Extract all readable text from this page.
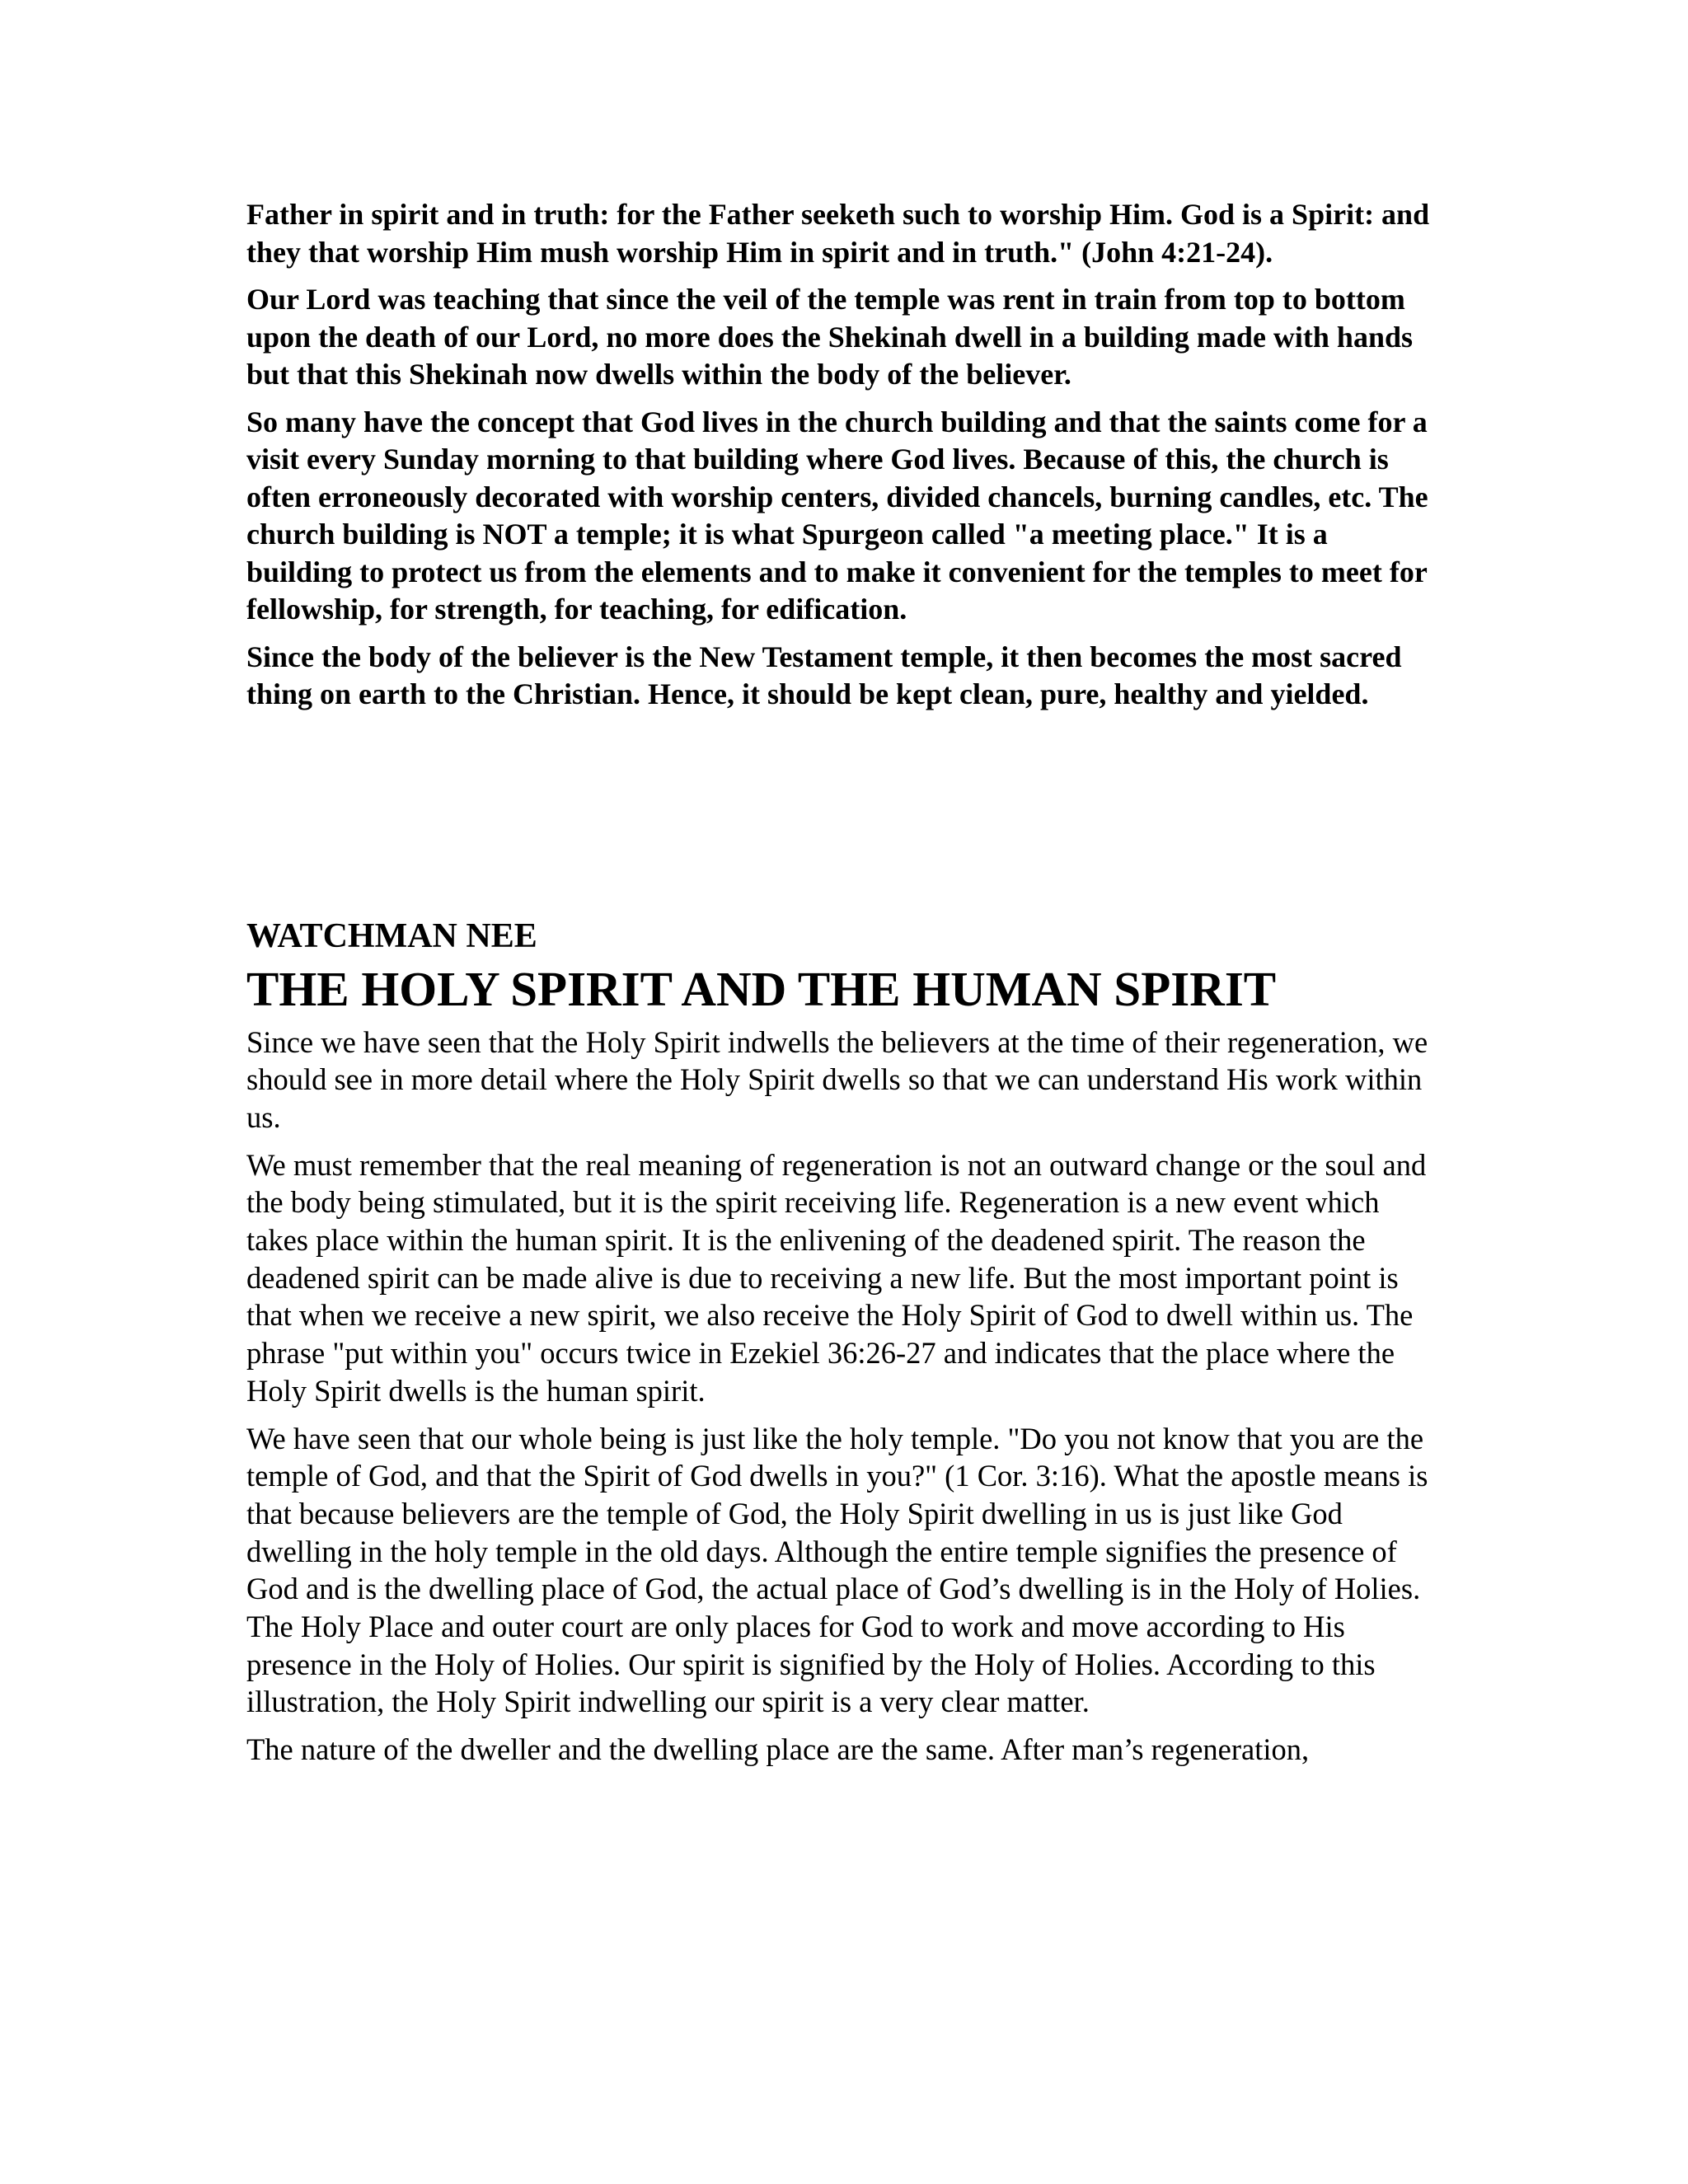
Father in spirit and in truth: for the Father seeketh such to worship Him. God is a Spirit: and they that worship Him mush worship Him in spirit and in truth." (John 4:21-24).

Our Lord was teaching that since the veil of the temple was rent in train from top to bottom upon the death of our Lord, no more does the Shekinah dwell in a building made with hands but that this Shekinah now dwells within the body of the believer.

So many have the concept that God lives in the church building and that the saints come for a visit every Sunday morning to that building where God lives. Because of this, the church is often erroneously decorated with worship centers, divided chancels, burning candles, etc. The church building is NOT a temple; it is what Spurgeon called "a meeting place." It is a building to protect us from the elements and to make it convenient for the temples to meet for fellowship, for strength, for teaching, for edification.

Since the body of the believer is the New Testament temple, it then becomes the most sacred thing on earth to the Christian. Hence, it should be kept clean, pure, healthy and yielded.

WATCHMAN NEE
THE HOLY SPIRIT AND THE HUMAN SPIRIT

Since we have seen that the Holy Spirit indwells the believers at the time of their regeneration, we should see in more detail where the Holy Spirit dwells so that we can understand His work within us.

We must remember that the real meaning of regeneration is not an outward change or the soul and the body being stimulated, but it is the spirit receiving life. Regeneration is a new event which takes place within the human spirit. It is the enlivening of the deadened spirit. The reason the deadened spirit can be made alive is due to receiving a new life. But the most important point is that when we receive a new spirit, we also receive the Holy Spirit of God to dwell within us. The phrase "put within you" occurs twice in Ezekiel 36:26-27 and indicates that the place where the Holy Spirit dwells is the human spirit.

We have seen that our whole being is just like the holy temple. "Do you not know that you are the temple of God, and that the Spirit of God dwells in you?" (1 Cor. 3:16). What the apostle means is that because believers are the temple of God, the Holy Spirit dwelling in us is just like God dwelling in the holy temple in the old days. Although the entire temple signifies the presence of God and is the dwelling place of God, the actual place of God’s dwelling is in the Holy of Holies. The Holy Place and outer court are only places for God to work and move according to His presence in the Holy of Holies. Our spirit is signified by the Holy of Holies. According to this illustration, the Holy Spirit indwelling our spirit is a very clear matter.

The nature of the dweller and the dwelling place are the same. After man’s regeneration,
